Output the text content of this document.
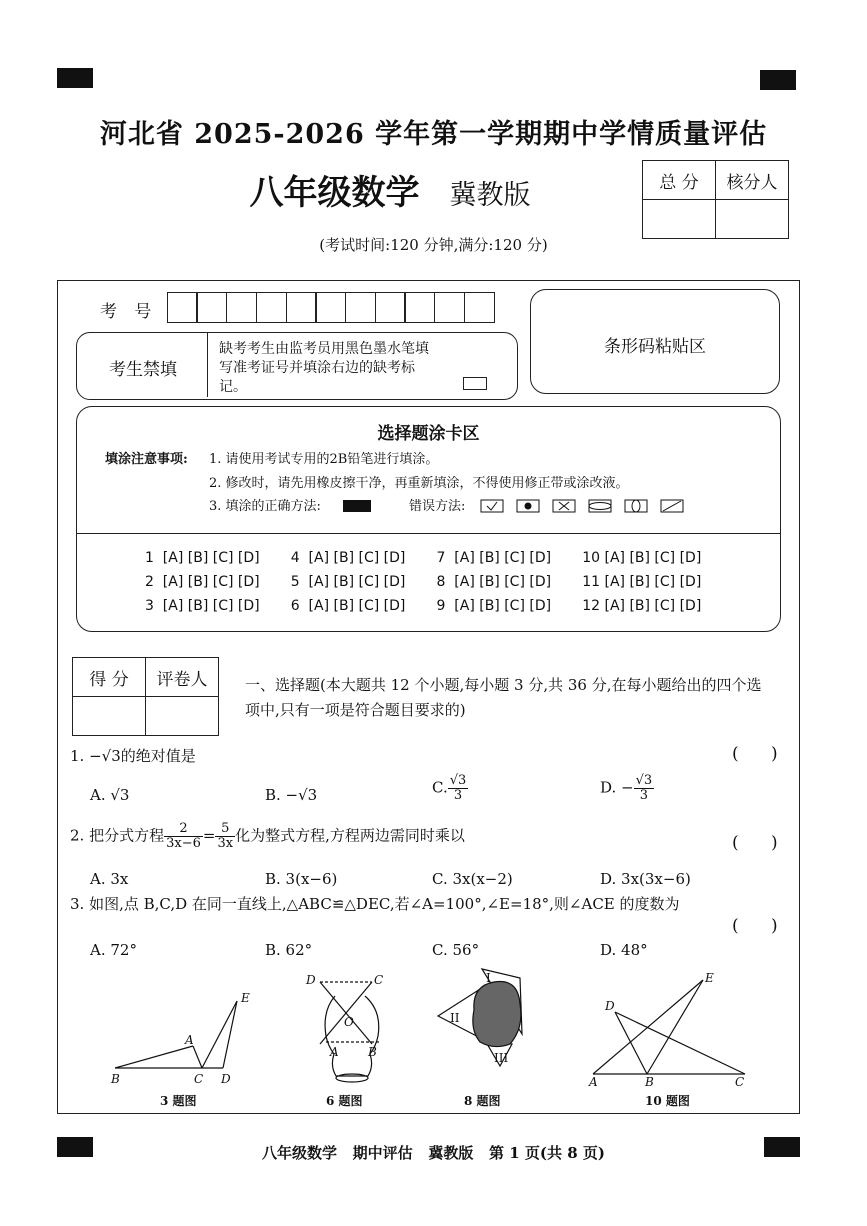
河北省 2025-2026 学年第一学期期中学情质量评估
八年级数学 冀教版	总 分	核分人

(考试时间:120 分钟,满分:120 分)
考 号
条形码粘贴区
考生禁填
缺考考生由监考员用黑色墨水笔填写准考证号并填涂右边的缺考标记。
选择题涂卡区
填涂注意事项: 1. 请使用考试专用的2B铅笔进行填涂。
2. 修改时，请先用橡皮擦干净，再重新填涂，不得使用修正带或涂改液。
3. 填涂的正确方法:	错误方法:
1  [A] [B] [C] [D]       4  [A] [B] [C] [D]       7  [A] [B] [C] [D]       10 [A] [B] [C] [D]
2  [A] [B] [C] [D]       5  [A] [B] [C] [D]       8  [A] [B] [C] [D]       11 [A] [B] [C] [D]
3  [A] [B] [C] [D]       6  [A] [B] [C] [D]       9  [A] [B] [C] [D]       12 [A] [B] [C] [D]
得 分	评卷人
		一、选择题(本大题共 12 个小题,每小题 3 分,共 36 分,在每小题给出的四个选项中,只有一项是符合题目要求的)
1. −√3的绝对值是	(      )
A. √3	B. −√3	C. $\frac{√3}{3}$	D. − $\frac{√3}{3}$
2. 把分式方程 $\frac{2}{3x-6} = \frac{5}{3x}$ 化为整式方程,方程两边需同时乘以	(      )
A. 3x	B. 3(x−6)	C. 3x(x−2)	D. 3x(3x−6)
3. 如图,点 B,C,D 在同一直线上,△ABC≌△DEC,若∠A=100°,∠E=18°,则∠ACE 的度数为
(      )
A. 72°	B. 62°	C. 56°	D. 48°
E
A
B	C D
3 题图
D	C
O
A B
6 题图
I
II
III
8 题图
E
D
A	B	C
10 题图
八年级数学   期中评估   冀教版   第 1 页(共 8 页)
